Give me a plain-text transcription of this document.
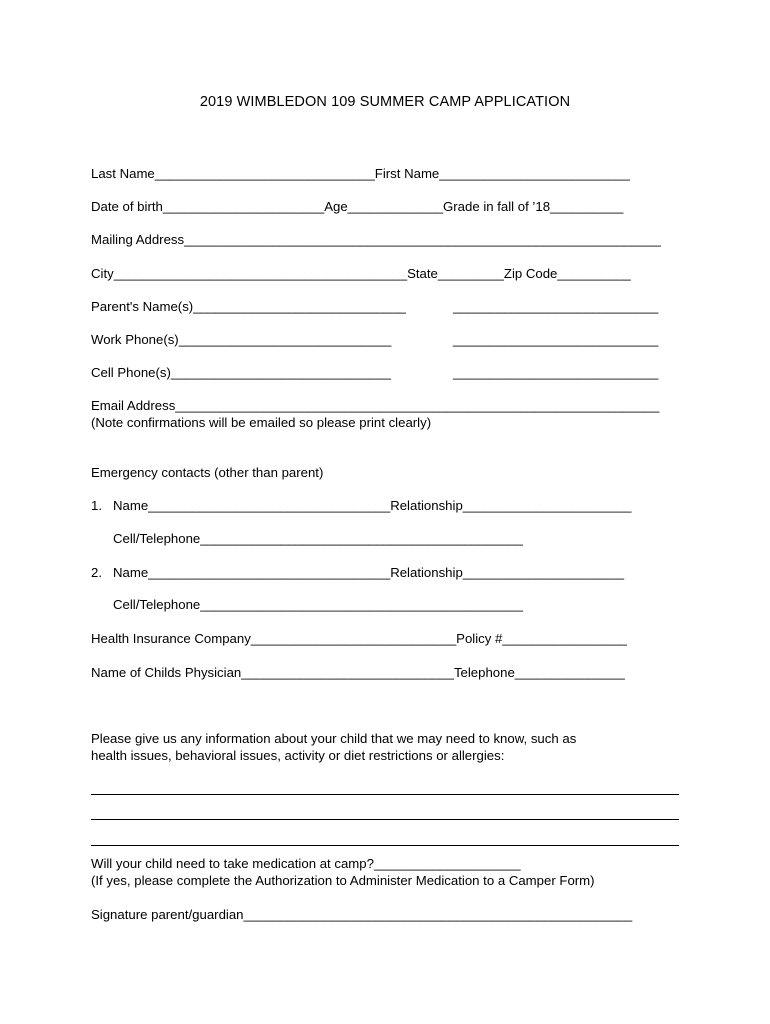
2019 WIMBLEDON 109 SUMMER CAMP APPLICATION
Last Name______________________________First Name__________________________
Date of birth______________________Age_____________Grade in fall of ’18__________
Mailing Address_________________________________________________________________
City________________________________________State_________Zip Code__________
Parent's Name(s)_____________________________	____________________________
Work Phone(s)_____________________________	____________________________
Cell Phone(s)______________________________	____________________________
Email Address__________________________________________________________________
(Note confirmations will be emailed so please print clearly)
Emergency contacts (other than parent)
1.   Name_________________________________Relationship_______________________
Cell/Telephone____________________________________________
2.   Name_________________________________Relationship______________________
Cell/Telephone____________________________________________
Health Insurance Company____________________________Policy #_________________
Name of Childs Physician_____________________________Telephone_______________
Please give us any information about your child that we may need to know, such as
health issues, behavioral issues, activity or diet restrictions or allergies:
Will your child need to take medication at camp?____________________
(If yes, please complete the Authorization to Administer Medication to a Camper Form)
Signature parent/guardian_____________________________________________________
